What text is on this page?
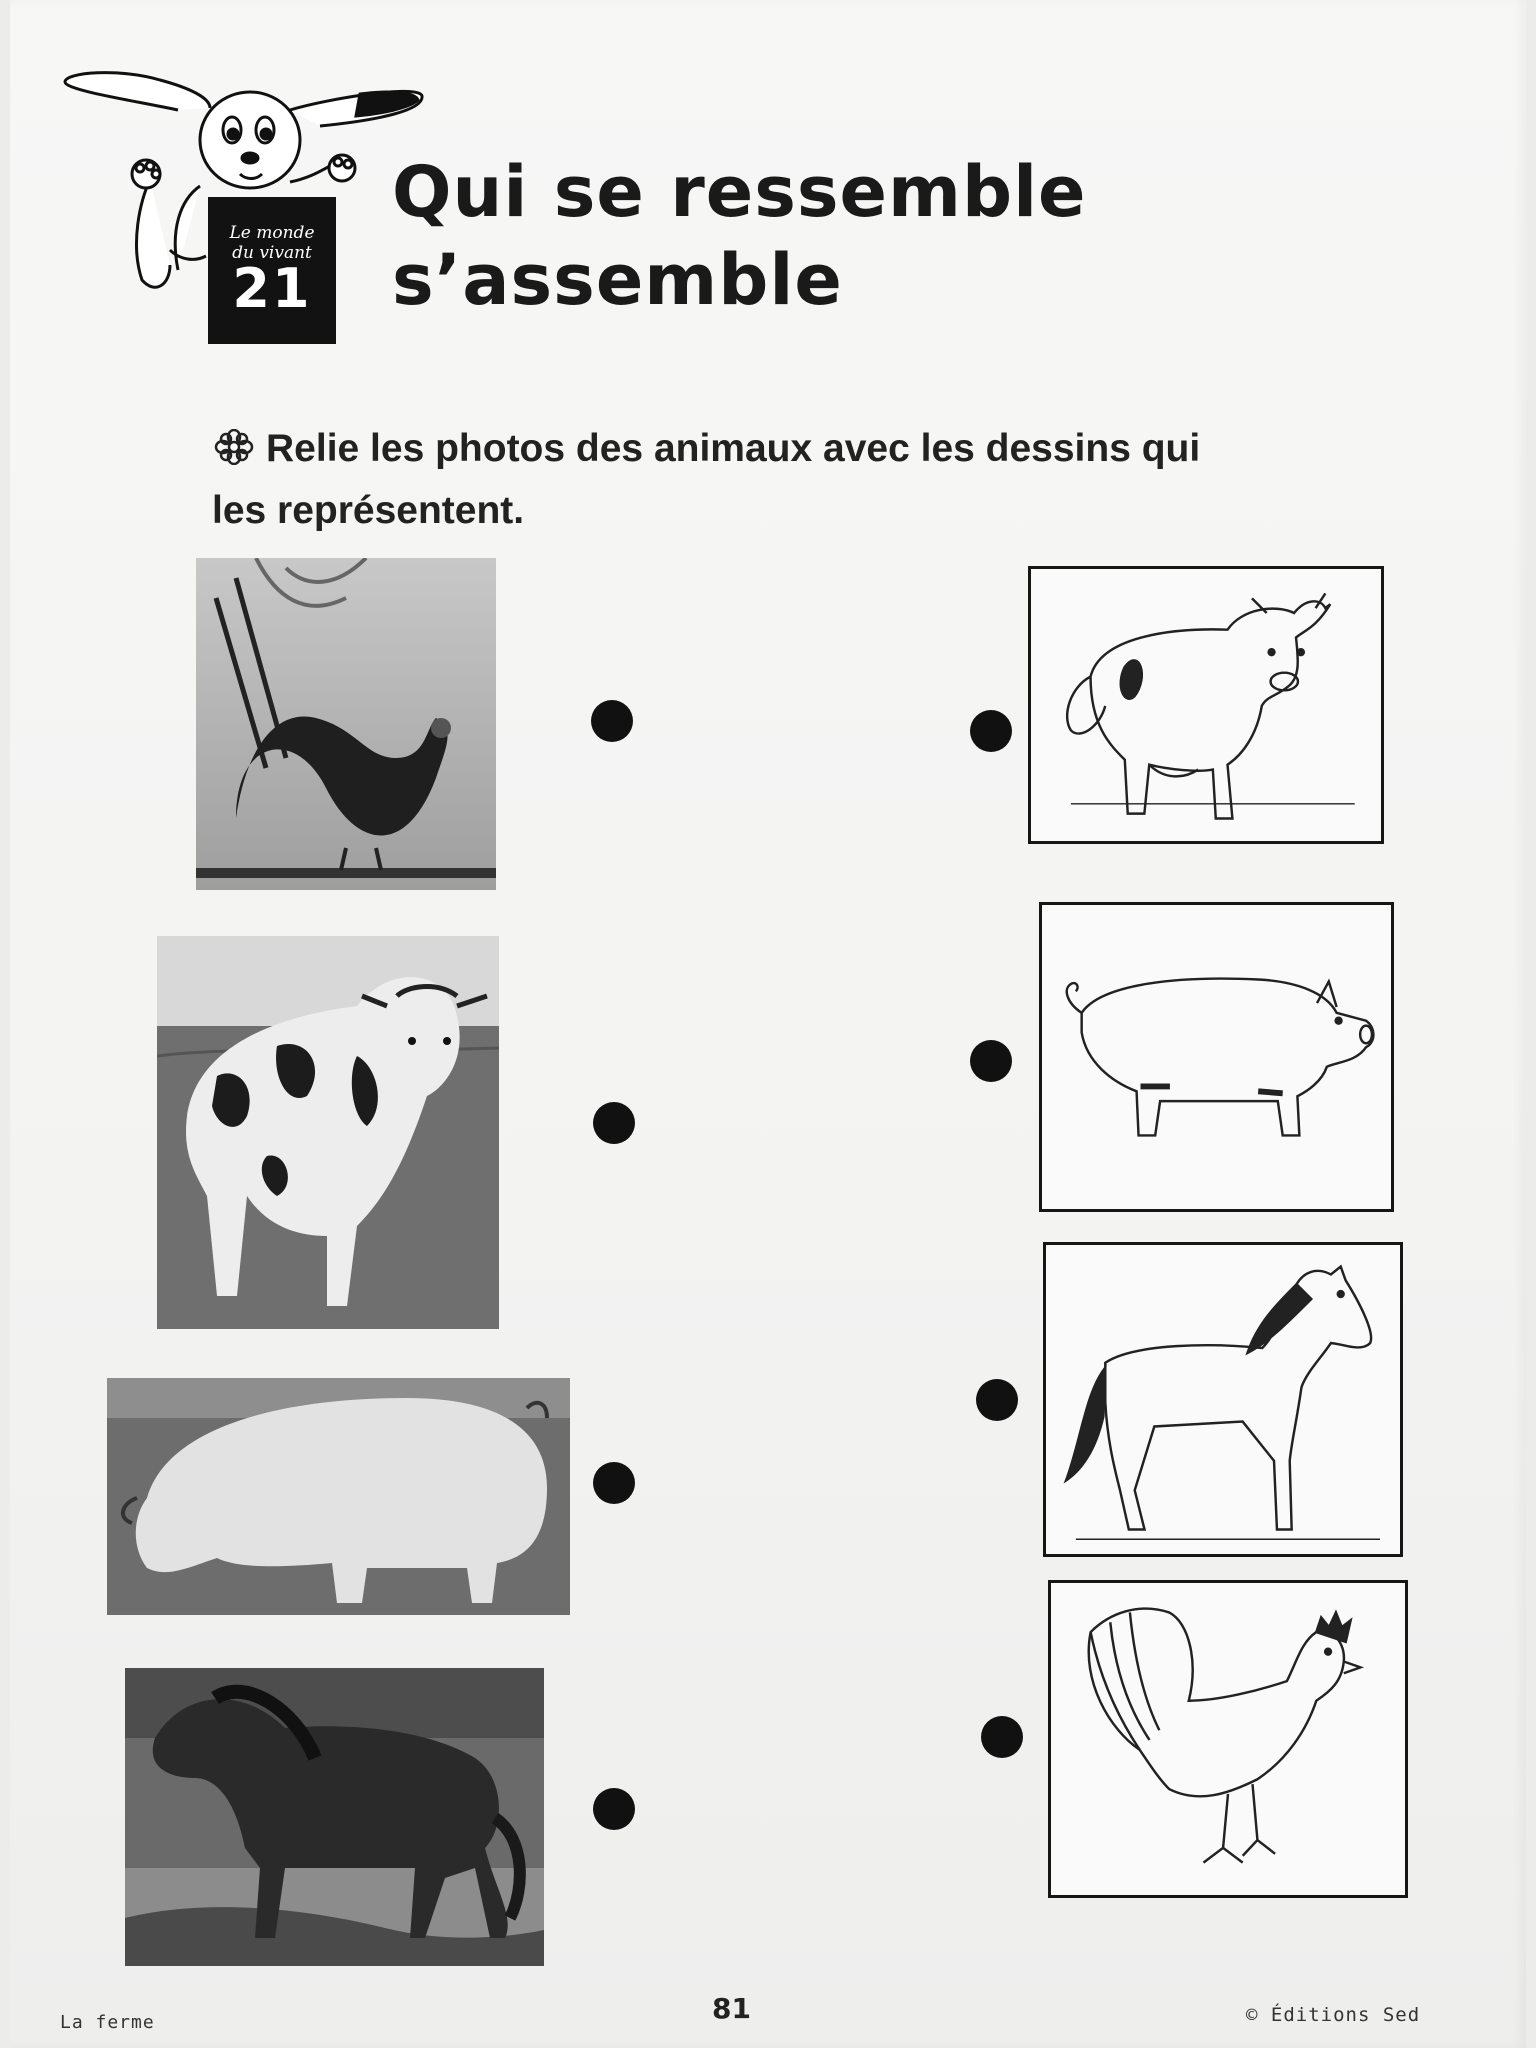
Le monde
du vivant
21
Qui se ressemble
s’assemble

Relie les photos des animaux avec les dessins qui
les représentent.

La ferme	81	© Éditions Sed
